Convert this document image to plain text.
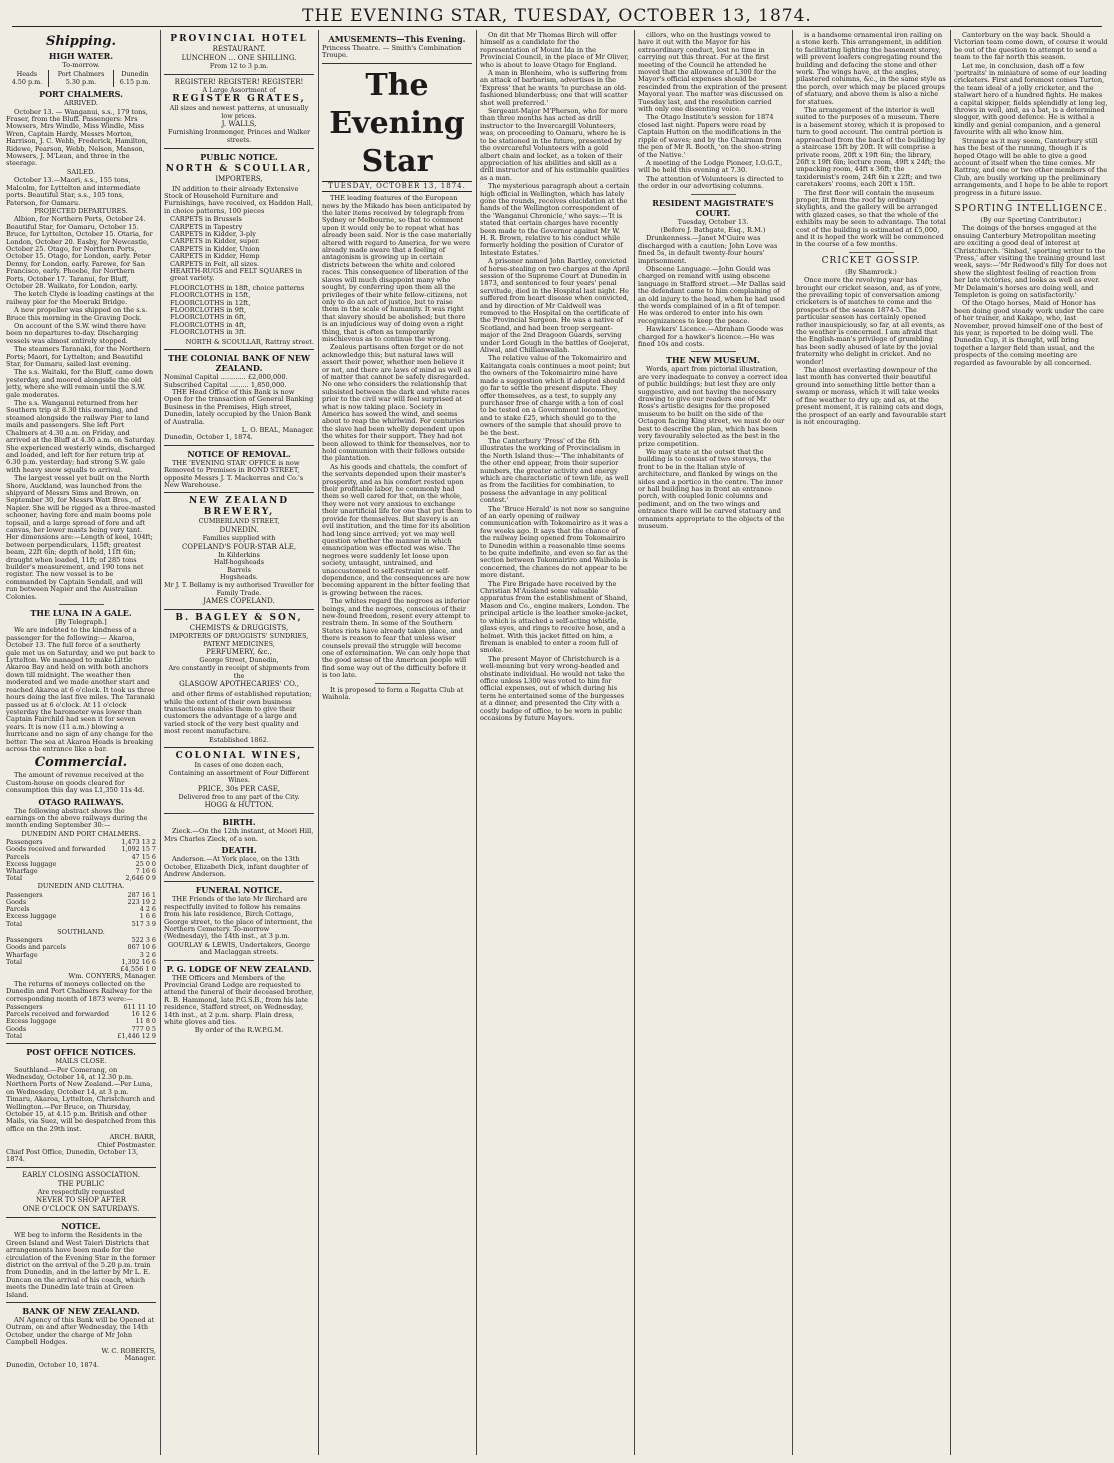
THE EVENING STAR, TUESDAY, OCTOBER 13, 1874.
Shipping.
HIGH WATER.
To-morrow.
Heads
4.50 p.m.

Port Chalmers
5.30 p.m.

Dunedin
6.15 p.m.
PORT CHALMERS.
ARRIVED.

October 13. — Wanganui, s.s., 179 tons, Fraser, from the Bluff. Passengers: Mrs Mowsers, Mrs Windle, Miss Windle, Miss Wren, Captain Hardy, Messrs Morton, Harrison, J. C. Webb, Frederick, Hamilton, Ridewe, Pearson, Webb, Nelson, Manson, Mowsers, J. M'Lean, and three in the steerage.

SAILED.

October 13.—Maori, s.s., 155 tons, Malcolm, for Lyttelton and intermediate ports. Beautiful Star, s.s., 105 tons, Paterson, for Oamaru.

PROJECTED DEPARTURES.

Albion, for Northern Ports, October 24. Beautiful Star, for Oamaru, October 15. Bruce, for Lyttelton, October 15. Otaria, for London, October 20. Easby, for Newcastle, October 25. Otago, for Northern Ports, October 15. Otago, for London, early. Peter Denny, for London, early. Farewe, for San Francisco, early. Phoebe, for Northern Ports, October 17. Taranui, for Bluff, October 28. Waikato, for London, early.

The ketch Clyde is loading castings at the railway pier for the Moeraki Bridge.

A new propeller was shipped on the s.s. Bruce this morning in the Graving Dock.

On account of the S.W. wind there have been no departures to-day. Discharging vessels was almost entirely stopped.

The steamers Taranaki, for the Northern Ports; Maori, for Lyttelton; and Beautiful Star, for Oamaru, sailed last evening.

The s.s. Waitaki, for the Bluff, came down yesterday, and moored alongside the old jetty, where she will remain until the S.W. gale moderates.

The s.s. Wanganui returned from her Southern trip at 8.30 this morning, and steamed alongside the railway Pier to land mails and passengers. She left Port Chalmers at 4.30 a.m. on Friday, and arrived at the Bluff at 4.30 a.m. on Saturday. She experienced westerly winds, discharged and loaded, and left for her return trip at 6.30 p.m. yesterday; had strong S.W. gale with heavy snow squalls to arrival.

The largest vessel yet built on the North Shore, Auckland, was launched from the shipyard of Messrs Sims and Brown, on September 30, for Messrs Watt Bros., of Napier. She will be rigged as a three-masted schooner, having fore and main booms pole topsail, and a large spread of fore and aft canvas, her lower masts being very tant. Her dimensions are:—Length of keel, 104ft; between perpendiculars, 115ft; greatest beam, 22ft 6in; depth of hold, 11ft 6in; draught when loaded, 11ft; of 285 tons builder's measurement, and 190 tons net register. The new vessel is to be commanded by Captain Sendall, and will run between Napier and the Australian Colonies.

THE LUNA IN A GALE.
[By Telegraph.]

We are indebted to the kindness of a passenger for the following:— Akaroa, October 13. The full force of a southerly gale met us on Saturday, and we put back to Lyttelton. We managed to make Little Akaroa Bay and held on with both anchors down till midnight. The weather then moderated and we made another start and reached Akaroa at 6 o'clock. It took us three hours doing the last five miles. The Taranaki passed us at 6 o'clock. At 11 o'clock yesterday the barometer was lower than Captain Fairchild had seen it for seven years. It is now (11 a.m.) blowing a hurricane and no sign of any change for the better. The sea at Akaroa Heads is breaking across the entrance like a bar.

Commercial.

The amount of revenue received at the Custom-house on goods cleared for consumption this day was L1,350 11s 4d.

OTAGO RAILWAYS.

The following abstract shows the earnings on the above railways during the month ending September 30:—

DUNEDIN AND PORT CHALMERS.
Passengers	1,473 13 2
Goods received and forwarded	1,092 15 7
Parcels	47 15 6
Excess luggage	25 0 0
Wharfage	7 16 6
Total	2,646 0 9
DUNEDIN AND CLUTHA.
Passengers	287 16 1
Goods	223 19 2
Parcels	4 2 6
Excess luggage	1 6 6
Total	517 3 9
SOUTHLAND.
Passengers	522 3 6
Goods and parcels	867 10 6
Wharfage	3 2 6
Total	1,392 16 6
£4,556 1 0
Wm. CONYERS, Manager.

The returns of moneys collected on the Dunedin and Port Chalmers Railway for the corresponding month of 1873 were:—

Passengers	611 11 10
Parcels received and forwarded	16 12 6
Excess luggage	11 8 0
Goods	777 0 5
Total	£1,446 12 9
POST OFFICE NOTICES.
MAILS CLOSE.

Southland.—Per Comerang, on Wednesday, October 14, at 12.30 p.m. Northern Ports of New Zealand.—Per Luna, on Wednesday, October 14, at 3 p.m. Timaru, Akaroa, Lyttelton, Christchurch and Wellington.—Per Bruce, on Thursday, October 15, at 4.15 p.m. British and other Mails, via Suez, will be despatched from this office on the 29th inst.

ARCH. BARR,
Chief Postmaster.

Chief Post Office, Dunedin, October 13, 1874.

EARLY CLOSING ASSOCIATION.
THE PUBLIC
Are respectfully requested
NEVER TO SHOP AFTER
ONE O'CLOCK ON SATURDAYS.
NOTICE.

WE beg to inform the Residents in the Green Island and West Taieri Districts that arrangements have been made for the circulation of the Evening Star in the former district on the arrival of the 5.20 p.m. train from Dunedin, and in the latter by Mr L. E. Duncan on the arrival of his coach, which meets the Dunedin late train at Green Island.

BANK OF NEW ZEALAND.

AN Agency of this Bank will be Opened at Outram, on and after Wednesday, the 14th October, under the charge of Mr John Campbell Hodges.

W. C. ROBERTS,
Manager.

Dunedin, October 10, 1874.

PROVINCIAL HOTEL
RESTAURANT.
LUNCHEON … ONE SHILLING.
From 12 to 3 p.m.
REGISTER! REGISTER! REGISTER!
A Large Assortment of
REGISTER GRATES,
All sizes and newest patterns, at unusually low prices.
J. WALLS,
Furnishing Ironmonger, Princes and Walker streets.
PUBLIC NOTICE.
NORTH & SCOULLAR,
IMPORTERS,

IN addition to their already Extensive Stock of Household Furniture and Furnishings, have received, ex Haddon Hall, in choice patterns, 100 pieces

CARPETS in Brussels
CARPETS in Tapestry
CARPETS in Kidder, 3-ply
CARPETS in Kidder, super.
CARPETS in Kidder, Union
CARPETS in Kidder, Hemp
CARPETS in Felt, all sizes.
HEARTH-RUGS and FELT SQUARES in great variety.
FLOORCLOTHS in 18ft, choice patterns
FLOORCLOTHS in 15ft,
FLOORCLOTHS in 12ft,
FLOORCLOTHS in 9ft,
FLOORCLOTHS in 6ft,
FLOORCLOTHS in 4ft,
FLOORCLOTHS in 3ft.
NORTH & SCOULLAR, Rattray street.
THE COLONIAL BANK OF NEW ZEALAND.
Nominal Capital ............ £2,000,000.
Subscribed Capital ......... 1,850,000.

THE Head Office of this Bank is now Open for the transaction of General Banking Business in the Premises, High street, Dunedin, lately occupied by the Union Bank of Australia.

L. O. BEAL, Manager.

Dunedin, October 1, 1874.

NOTICE OF REMOVAL.

THE 'EVENING STAR' OFFICE is now Removed to Premises in BOND STREET, opposite Messrs J. T. Mackerras and Co.'s New Warehouse.

NEW ZEALAND BREWERY,
CUMBERLAND STREET,
DUNEDIN.
Families supplied with
COPELAND'S FOUR-STAR ALE,
In Kilderkins
Half-hogsheads
Barrels
Hogsheads.
Mr J. T. Bellamy is my authorised Traveller for Family Trade.
JAMES COPELAND.
B. BAGLEY & SON,
CHEMISTS & DRUGGISTS,
IMPORTERS OF DRUGGISTS' SUNDRIES, PATENT MEDICINES,
PERFUMERY, &c.,
George Street, Dunedin,
Are constantly in receipt of shipments from the
GLASGOW APOTHECARIES' CO.,

and other firms of established reputation; while the extent of their own business transactions enables them to give their customers the advantage of a large and varied stock of the very best quality and most recent manufacture.

Established 1862.
COLONIAL WINES,
In cases of one dozen each,
Containing an assortment of Four Different
Wines.
PRICE, 30s PER CASE,
Delivered free to any part of the City.
HOGG & HUTTON.
BIRTH.

Zieck.—On the 12th instant, at Moori Hill, Mrs Charles Zieck, of a son.

DEATH.

Anderson.—At York place, on the 13th October, Elizabeth Dick, infant daughter of Andrew Anderson.

FUNERAL NOTICE.

THE Friends of the late Mr Birchard are respectfully invited to follow his remains from his late residence, Birch Cottage, George street, to the place of interment, the Northern Cemetery. To-morrow (Wednesday), the 14th inst., at 3 p.m.

GOURLAY & LEWIS, Undertakers, George and Maclaggan streets.
P. G. LODGE OF NEW ZEALAND.

THE Officers and Members of the Provincial Grand Lodge are requested to attend the funeral of their deceased brother, R. B. Hammond, late P.G.S.B., from his late residence, Stafford street, on Wednesday, 14th inst., at 2 p.m. sharp. Plain dress, white gloves and ties.

By order of the R.W.P.G.M.
AMUSEMENTS—This Evening.

Princess Theatre. — Smith's Combination Troupe.

The Evening Star
TUESDAY, OCTOBER 13, 1874.

THE leading features of the European news by the Mikado has been anticipated by the later items received by telegraph from Sydney or Melbourne, so that to comment upon it would only be to repeat what has already been said. Nor is the case materially altered with regard to America, for we were already made aware that a feeling of antagonism is growing up in certain districts between the white and colored races. This consequence of liberation of the slaves will much disappoint many who sought, by conferring upon them all the privileges of their white fellow-citizens, not only to do an act of justice, but to raise them in the scale of humanity. It was right that slavery should be abolished; but there is an injudicious way of doing even a right thing, that is often as temporarily mischievous as to continue the wrong.

Zealous partisans often forget or do not acknowledge this; but natural laws will assert their power, whether men believe it or not, and there are laws of mind as well as of matter that cannot be safely disregarded. No one who considers the relationship that subsisted between the dark and white races prior to the civil war will feel surprised at what is now taking place. Society in America has sowed the wind, and seems about to reap the whirlwind. For centuries the slave had been wholly dependent upon the whites for their support. They had not been allowed to think for themselves, nor to hold communion with their fellows outside the plantation.

As his goods and chattels, the comfort of the servants depended upon their master's prosperity, and as his comfort rested upon their profitable labor, he commonly had them so well cared for that, on the whole, they were not very anxious to exchange their unartificial life for one that put them to provide for themselves. But slavery is an evil institution, and the time for its abolition had long since arrived; yet we may well question whether the manner in which emancipation was effected was wise. The negroes were suddenly let loose upon society, untaught, untrained, and unaccustomed to self-restraint or self-dependence, and the consequences are now becoming apparent in the bitter feeling that is growing between the races.

The whites regard the negroes as inferior beings, and the negroes, conscious of their new-found freedom, resent every attempt to restrain them. In some of the Southern States riots have already taken place, and there is reason to fear that unless wiser counsels prevail the struggle will become one of extermination. We can only hope that the good sense of the American people will find some way out of the difficulty before it is too late.

It is proposed to form a Regatta Club at Waihola.

On dit that Mr Thomas Birch will offer himself as a candidate for the representation of Mount Ida in the Provincial Council, in the place of Mr Oliver, who is about to leave Otago for England.

A man in Blenheim, who is suffering from an attack of barbarism, advertises in the 'Express' that he wants 'to purchase an old-fashioned blunderbuss; one that will scatter shot well preferred.'

Sergeant-Major M'Pherson, who for more than three months has acted as drill instructor to the Invercargill Volunteers, was, on proceeding to Oamaru, where he is to be stationed in the future, presented by the overcareful Volunteers with a gold albert chain and locket, as a token of their appreciation of his abilities and skill as a drill instructor and of his estimable qualities as a man.

The mysterious paragraph about a certain high official in Wellington, which has lately gone the rounds, receives elucidation at the hands of the Wellington correspondent of the 'Wanganui Chronicle,' who says:—'It is stated that certain charges have recently been made to the Governor against Mr W. H. R. Brown, relative to his conduct while formerly holding the position of Curator of Intestate Estates.'

A prisoner named John Bartley, convicted of horse-stealing on two charges at the April session of the Supreme Court at Dunedin in 1873, and sentenced to four years' penal servitude, died in the Hospital last night. He suffered from heart disease when convicted, and by direction of Mr Caldwell was removed to the Hospital on the certificate of the Provincial Surgeon. He was a native of Scotland, and had been troop sergeant-major of the 2nd Dragoon Guards, serving under Lord Gough in the battles of Goojerat, Aliwal, and Chillianwallah.

The relative value of the Tokomairiro and Kaitangata coals continues a moot point; but the owners of the Tokomairiro mine have made a suggestion which if adopted should go far to settle the present dispute. They offer themselves, as a test, to supply any purchaser free of charge with a ton of coal to be tested on a Government locomotive, and to stake £25, which should go to the owners of the sample that should prove to be the best.

The Canterbury 'Press' of the 6th illustrates the working of Provincialism in the North Island thus:—'The inhabitants of the other end appear, from their superior numbers, the greater activity and energy which are characteristic of town life, as well as from the facilities for combination, to possess the advantage in any political contest.'

The 'Bruce Herald' is not now so sanguine of an early opening of railway communication with Tokomairiro as it was a few weeks ago. It says that the chance of the railway being opened from Tokomairiro to Dunedin within a reasonable time seems to be quite indefinite, and even so far as the section between Tokomairiro and Waihola is concerned, the chances do not appear to be more distant.

The Fire Brigade have received by the Christian M'Ausland some valuable apparatus from the establishment of Shand, Mason and Co., engine makers, London. The principal article is the leather smoke-jacket, to which is attached a self-acting whistle, glass eyes, and rings to receive hose, and a helmet. With this jacket fitted on him, a fireman is enabled to enter a room full of smoke.

The present Mayor of Christchurch is a well-meaning but very wrong-headed and obstinate individual. He would not take the office unless L300 was voted to him for official expenses, out of which during his term he entertained some of the burgesses at a dinner, and presented the City with a costly badge of office, to be worn in public occasions by future Mayors.

cillors, who on the hustings vowed to have it out with the Mayor for his extraordinary conduct, lost no time in carrying out this threat. For at the first meeting of the Council he attended he moved that the allowance of L300 for the Mayor's official expenses should be rescinded from the expiration of the present Mayoral year. The matter was discussed on Tuesday last, and the resolution carried with only one dissenting voice.

The Otago Institute's session for 1874 closed last night. Papers were read by Captain Hutton on the modifications in the ripple of waves; and by the Chairman from the pen of Mr R. Booth, 'on the shoe-string of the Native.'

A meeting of the Lodge Pioneer, I.O.G.T., will be held this evening at 7.30.

The attention of Volunteers is directed to the order in our advertising columns.

RESIDENT MAGISTRATE'S COURT.
Tuesday, October 13.
(Before J. Bathgate, Esq., R.M.)

Drunkenness.—Janet M'Guire was discharged with a caution; John Love was fined 5s, in default twenty-four hours' imprisonment.

Obscene Language.—John Gould was charged on remand with using obscene language in Stafford street.—Mr Dallas said the defendant came to him complaining of an old injury to the head, when he had used the words complained of in a fit of temper. He was ordered to enter into his own recognizances to keep the peace.

Hawkers' Licence.—Abraham Goode was charged for a hawker's licence.—He was fined 10s and costs.

THE NEW MUSEUM.

Words, apart from pictorial illustration, are very inadequate to convey a correct idea of public buildings; but lest they are only suggestive, and not having the necessary drawing to give our readers one of Mr Ross's artistic designs for the proposed museum to be built on the side of the Octagon facing King street, we must do our best to describe the plan, which has been very favourably selected as the best in the prize competition.

We may state at the outset that the building is to consist of two storeys, the front to be in the Italian style of architecture, and flanked by wings on the sides and a portico in the centre. The inner or hall building has in front an entrance porch, with coupled Ionic columns and pediment, and on the two wings and entrance there will be carved statuary and ornaments appropriate to the objects of the museum.

is a handsome ornamental iron railing on a stone kerb. This arrangement, in addition to facilitating lighting the basement storey, will prevent loafers congregating round the building and defacing the stone and other work. The wings have, at the angles, pilastered columns, &c., in the same style as the porch, over which may be placed groups of statuary, and above them is also a niche for statues.

The arrangement of the interior is well suited to the purposes of a museum. There is a basement storey, which it is proposed to turn to good account. The central portion is approached from the back of the building by a staircase 15ft by 20ft. It will comprise a private room, 20ft x 19ft 6in; the library, 26ft x 19ft 6in; lecture room, 49ft x 24ft; the unpacking room, 44ft x 36ft; the taxidermist's room, 24ft 6in x 22ft; and two caretakers' rooms, each 20ft x 15ft.

The first floor will contain the museum proper, lit from the roof by ordinary skylights, and the gallery will be arranged with glazed cases, so that the whole of the exhibits may be seen to advantage. The total cost of the building is estimated at £5,000, and it is hoped the work will be commenced in the course of a few months.

CRICKET GOSSIP.
(By Shamrock.)

Once more the revolving year has brought our cricket season, and, as of yore, the prevailing topic of conversation among cricketers is of matches to come and the prospects of the season 1874-5. The particular season has certainly opened rather inauspiciously, so far, at all events, as the weather is concerned. I am afraid that the English-man's privilege of grumbling has been sadly abused of late by the jovial fraternity who delight in cricket. And no wonder!

The almost everlasting downpour of the last month has converted their beautiful ground into something little better than a swamp or morass, which it will take weeks of fine weather to dry up; and as, at the present moment, it is raining cats and dogs, the prospect of an early and favourable start is not encouraging.

Canterbury on the way back. Should a Victorian team come down, of course it would be out of the question to attempt to send a team to the far north this season.

Let me, in conclusion, dash off a few 'portraits' in miniature of some of our leading cricketers. First and foremost comes Turton, the team ideal of a jolly cricketer, and the stalwart hero of a hundred fights. He makes a capital skipper, fields splendidly at long leg, throws in well, and, as a bat, is a determined slogger, with good defence. He is withal a kindly and genial companion, and a general favourite with all who know him.

Strange as it may seem, Canterbury still has the best of the running, though it is hoped Otago will be able to give a good account of itself when the time comes. Mr Rattray, and one or two other members of the Club, are busily working up the preliminary arrangements, and I hope to be able to report progress in a future issue.

SPORTING INTELLIGENCE.
(By our Sporting Contributor.)

The doings of the horses engaged at the ensuing Canterbury Metropolitan meeting are exciting a good deal of interest at Christchurch. 'Sinbad,' sporting writer to the 'Press,' after visiting the training ground last week, says:—'Mr Redwood's filly Tor does not show the slightest feeling of reaction from her late victories, and looks as well as ever. Mr Delamain's horses are doing well, and Templeton is going on satisfactorily.'

Of the Otago horses, Maid of Honor has been doing good steady work under the care of her trainer, and Kakapo, who, last November, proved himself one of the best of his year, is reported to be doing well. The Dunedin Cup, it is thought, will bring together a larger field than usual, and the prospects of the coming meeting are regarded as favourable by all concerned.
